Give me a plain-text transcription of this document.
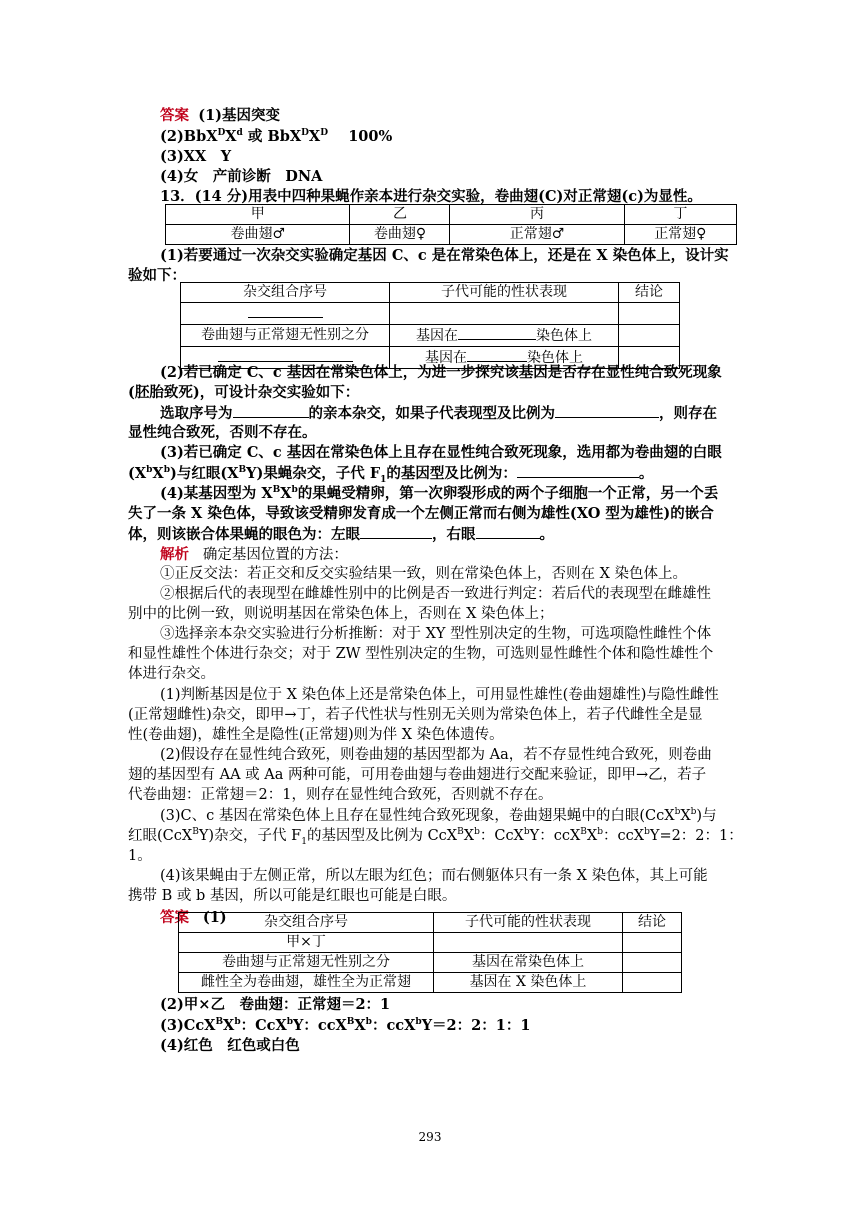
答案 (1)基因突变
$(2)BbX^DX^d$ 或 $BbX^DX^D$ 100%
(3)XX　Y
(4)女　产前诊断　DNA
13．(14 分)用表中四种果蝇作亲本进行杂交实验，卷曲翅(C)对正常翅(c)为显性。
甲	乙	丙	丁
卷曲翅♂	卷曲翅♀	正常翅♂	正常翅♀
(1)若要通过一次杂交实验确定基因 C、c 是在常染色体上，还是在 X 染色体上，设计实
验如下：
杂交组合序号	子代可能的性状表现	结论

卷曲翅与正常翅无性别之分	基因在 染色体上	
	基因在 染色体上	
(2)若已确定 C、c 基因在常染色体上，为进一步探究该基因是否存在显性纯合致死现象
(胚胎致死)，可设计杂交实验如下：
选取序号为	的亲本杂交，如果子代表现型及比例为	，则存在
显性纯合致死，否则不存在。
(3)若已确定 C、c 基因在常染色体上且存在显性纯合致死现象，选用都为卷曲翅的白眼
$(X^bX^b)$与红眼$(X^BY)$果蝇杂交，子代 $F_1$的基因型及比例为：	。
(4)某基因型为 $X^BX^b$的果蝇受精卵，第一次卵裂形成的两个子细胞一个正常，另一个丢
失了一条 X 染色体，导致该受精卵发育成一个左侧正常而右侧为雄性(XO 型为雄性)的嵌合
体，则该嵌合体果蝇的眼色为：左眼	，右眼	。
解析 确定基因位置的方法：
①正反交法：若正交和反交实验结果一致，则在常染色体上，否则在 X 染色体上。
②根据后代的表现型在雌雄性别中的比例是否一致进行判定：若后代的表现型在雌雄性
别中的比例一致，则说明基因在常染色体上，否则在 X 染色体上；
③选择亲本杂交实验进行分析推断：对于 XY 型性别决定的生物，可选项隐性雌性个体
和显性雄性个体进行杂交；对于 ZW 型性别决定的生物，可选则显性雌性个体和隐性雄性个
体进行杂交。
(1)判断基因是位于 X 染色体上还是常染色体上，可用显性雄性(卷曲翅雄性)与隐性雌性
(正常翅雌性)杂交，即甲→丁，若子代性状与性别无关则为常染色体上，若子代雌性全是显
性(卷曲翅)，雄性全是隐性(正常翅)则为伴 X 染色体遗传。
(2)假设存在显性纯合致死，则卷曲翅的基因型都为 Aa，若不存显性纯合致死，则卷曲
翅的基因型有 AA 或 Aa 两种可能，可用卷曲翅与卷曲翅进行交配来验证，即甲→乙，若子
代卷曲翅：正常翅＝2：1，则存在显性纯合致死，否则就不存在。
(3)C、c 基因在常染色体上且存在显性纯合致死现象，卷曲翅果蝇中的白眼$(CcX^bX^b)$与
红眼(CcX$^B$Y)杂交，子代 $F_1$的基因型及比例为 $CcX^BX^b$：CcX$^b$Y：$ccX^BX^b$：ccX$^b$Y=2：2：1：
1。
(4)该果蝇由于左侧正常，所以左眼为红色；而右侧躯体只有一条 X 染色体，其上可能
携带 B 或 b 基因，所以可能是红眼也可能是白眼。
答案 (1)	杂交组合序号	子代可能的性状表现	结论
甲×丁		
卷曲翅与正常翅无性别之分	基因在常染色体上	
雌性全为卷曲翅，雄性全为正常翅	基因在 X 染色体上	
(2)甲×乙　卷曲翅：正常翅＝2：1
$(3)CcX^BX^b$：CcX$^b$Y：$ccX^BX^b$：ccX$^b$Y＝2：2：1：1
(4)红色　红色或白色
293
